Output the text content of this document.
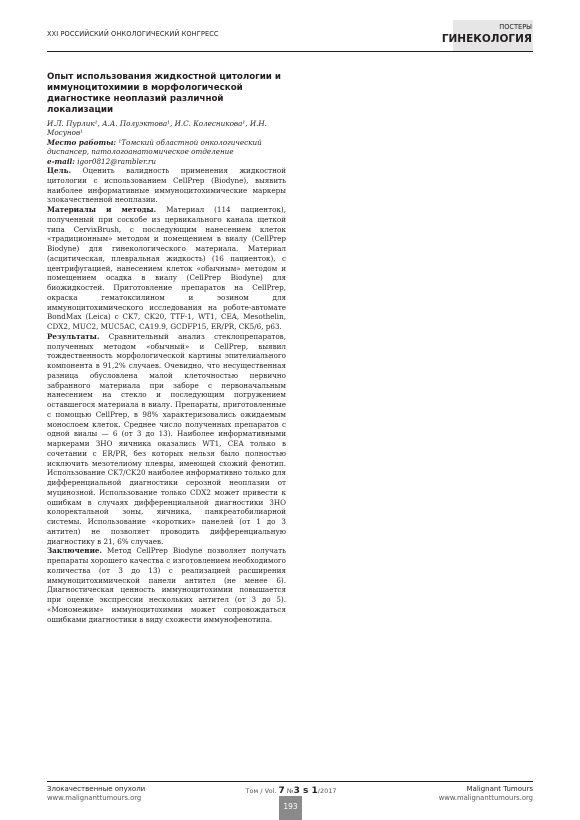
XXI РОССИЙСКИЙ ОНКОЛОГИЧЕСКИЙ КОНГРЕСС
ПОСТЕРЫ
ГИНЕКОЛОГИЯ

Опыт использования жидкостной цитологии и иммуноцитохимии в морфологической диагностике неоплазий различной локализации

И.Л. Пурлик¹, А.А. Полуэктова¹, И.С. Колесникова¹, И.Н. Мосунов¹
Место работы: ¹Томский областной онкологический диспансер, патологоанатомическое отделение
e-mail: igor0812@rambler.ru

Цель. Оценить валидность применения жидкостной цитологии с использованием CellPrep (Biodyne), выявить наиболее информативные иммуноцитохимические маркеры злокачественной неоплазии.

Материалы и методы. Материал (114 пациенток), полученный при соскобе из цервикального канала щеткой типа CervixBrush, с последующим нанесением клеток «традиционным» методом и помещением в виалу (CellPrep Biodyne) для гинекологического материала. Материал (асцитическая, плевральная жидкость) (16 пациенток), с центрифугацией, нанесением клеток «обычным» методом и помещением осадка в виалу (CellPrep Biodyne) для биожидкостей. Приготовление препаратов на CellPrep, окраска гематоксилином и эозином для иммуноцитохимического исследования на роботе-автомате BondMax (Leica) с CK7, CK20, TTF-1, WT1, CEA, Mesothelin, CDX2, MUC2, MUC5AC, CA19.9, GCDFP15, ER/PR, CK5/6, p63.

Результаты. Сравнительный анализ стеклопрепаратов, полученных методом «обычный» и CellPrep, выявил тождественность морфологической картины эпителиального компонента в 91,2% случаев. Очевидно, что несущественная разница обусловлена малой клеточностью первично забранного материала при заборе с первоначальным нанесением на стекло и последующим погружением оставшегося материала в виалу. Препараты, приготовленные с помощью CellPrep, в 98% характеризовались ожидаемым монослоем клеток. Среднее число полученных препаратов с одной виалы — 6 (от 3 до 13). Наиболее информативными маркерами ЗНО яичника оказались WT1, CEA только в сочетании с ER/PR, без которых нельзя было полностью исключить мезотелиому плевры, имеющей схожий фенотип. Использование CK7/CK20 наиболее информативно только для дифференциальной диагностики серозной неоплазии от муцинозной. Использование только CDX2 может привести к ошибкам в случаях дифференциальной диагностики ЗНО колоректальной зоны, яичника, панкреатобилиарной системы. Использование «коротких» панелей (от 1 до 3 антител) не позволяет проводить дифференциальную диагностику в 21, 6% случаев.

Заключение. Метод CellPrep Biodyne позволяет получать препараты хорошего качества с изготовлением необходимого количества (от 3 до 13) с реализацией расширения иммуноцитохимической панели антител (не менее 6). Диагностическая ценность иммуноцитохимии повышается при оценке экспрессии нескольких антител (от 3 до 5). «Мономежим» иммуноцитохимии может сопровождаться ошибками диагностики в виду схожести иммунофенотипа.

Злокачественные опухоли
www.malignanttumours.org
Том / Vol. 7 №3 s 1/2017
193
Malignant Tumours
www.malignanttumours.org
